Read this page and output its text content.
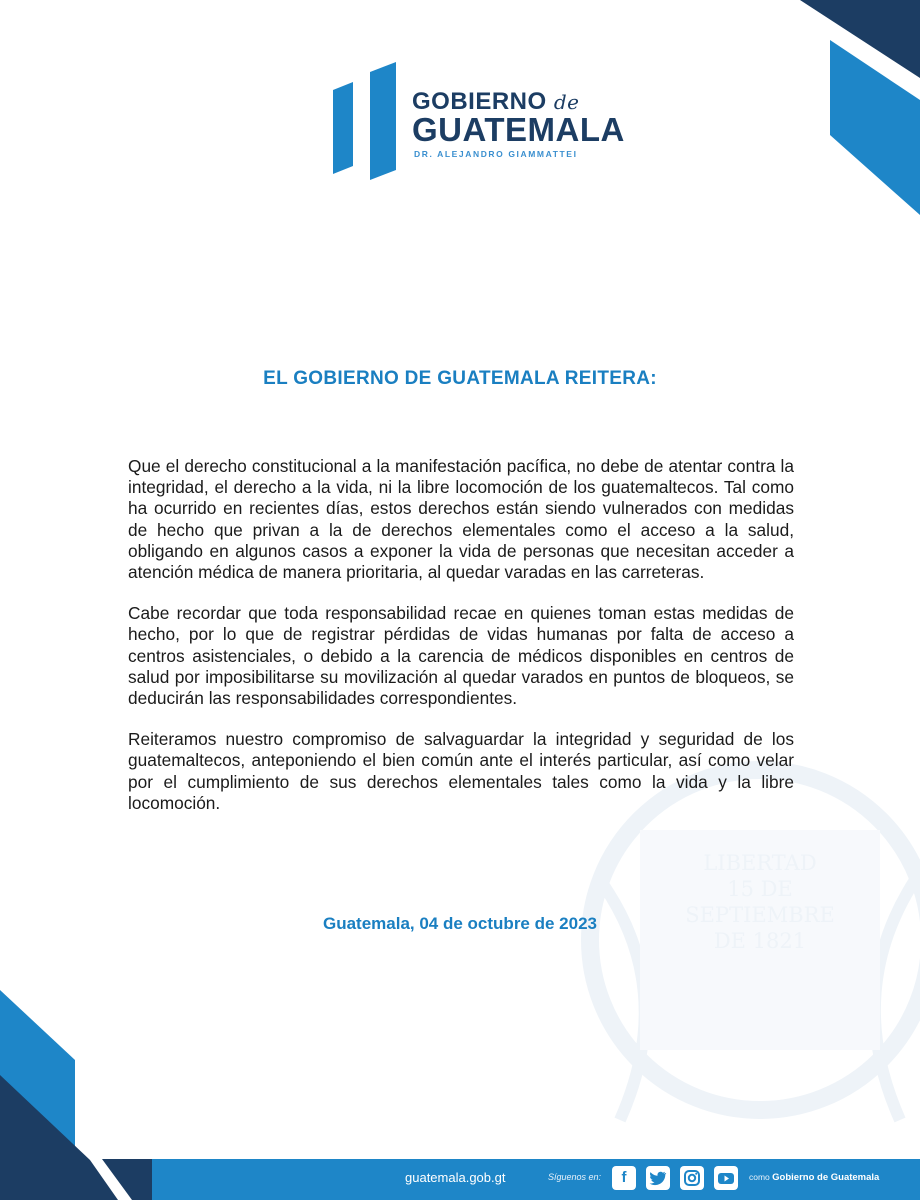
LIBERTAD
15 DE
SEPTIEMBRE
DE 1821
GOBIERNO de
GUATEMALA
DR. ALEJANDRO GIAMMATTEI
EL GOBIERNO DE GUATEMALA REITERA:

Que el derecho constitucional a la manifestación pacífica, no debe de atentar contra la integridad, el derecho a la vida, ni la libre locomoción de los guatemaltecos. Tal como ha ocurrido en recientes días, estos derechos están siendo vulnerados con medidas de hecho que privan a la de derechos elementales como el acceso a la salud, obligando en algunos casos a exponer la vida de personas que necesitan acceder a atención médica de manera prioritaria, al quedar varadas en las carreteras.

Cabe recordar que toda responsabilidad recae en quienes toman estas medidas de hecho, por lo que de registrar pérdidas de vidas humanas por falta de acceso a centros asistenciales, o debido a la carencia de médicos disponibles en centros de salud por imposibilitarse su movilización al quedar varados en puntos de bloqueos, se deducirán las responsabilidades correspondientes.

Reiteramos nuestro compromiso de salvaguardar la integridad y seguridad de los guatemaltecos, anteponiendo el bien común ante el interés particular, así como velar por el cumplimiento de sus derechos elementales tales como la vida y la libre locomoción.

Guatemala, 04 de octubre de 2023
guatemala.gob.gt	Síguenos en:	f	como Gobierno de Guatemala
